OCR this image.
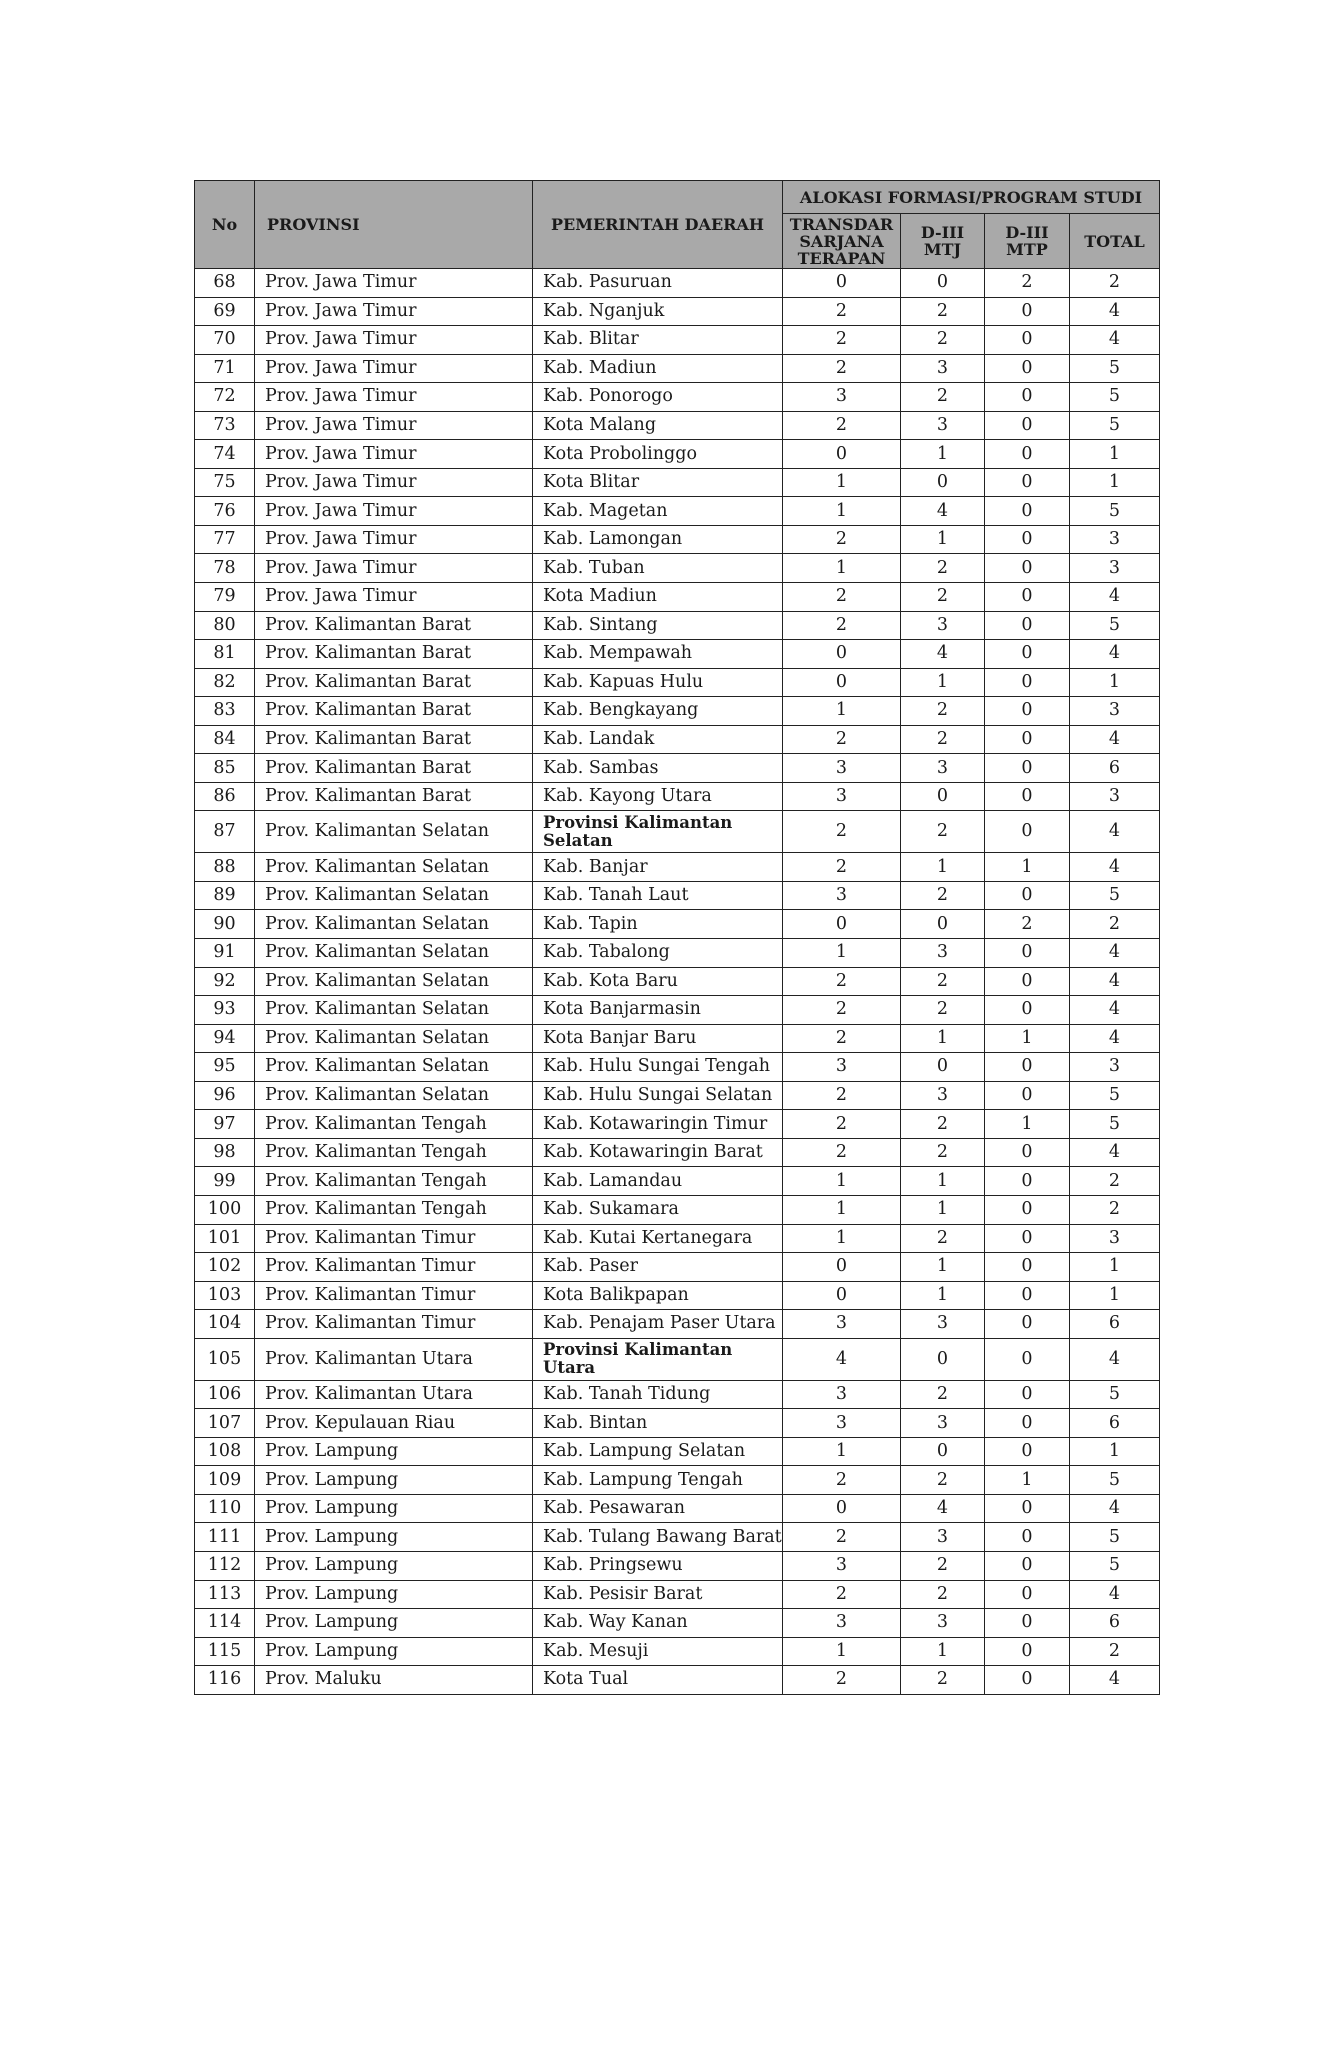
No	PROVINSI	PEMERINTAH DAERAH	ALOKASI FORMASI/PROGRAM STUDI			
			TRANSDAR SARJANA TERAPAN	D-III MTJ	D-III MTP	TOTAL
68	Prov. Jawa Timur	Kab. Pasuruan	0	0	2	2
69	Prov. Jawa Timur	Kab. Nganjuk	2	2	0	4
70	Prov. Jawa Timur	Kab. Blitar	2	2	0	4
71	Prov. Jawa Timur	Kab. Madiun	2	3	0	5
72	Prov. Jawa Timur	Kab. Ponorogo	3	2	0	5
73	Prov. Jawa Timur	Kota Malang	2	3	0	5
74	Prov. Jawa Timur	Kota Probolinggo	0	1	0	1
75	Prov. Jawa Timur	Kota Blitar	1	0	0	1
76	Prov. Jawa Timur	Kab. Magetan	1	4	0	5
77	Prov. Jawa Timur	Kab. Lamongan	2	1	0	3
78	Prov. Jawa Timur	Kab. Tuban	1	2	0	3
79	Prov. Jawa Timur	Kota Madiun	2	2	0	4
80	Prov. Kalimantan Barat	Kab. Sintang	2	3	0	5
81	Prov. Kalimantan Barat	Kab. Mempawah	0	4	0	4
82	Prov. Kalimantan Barat	Kab. Kapuas Hulu	0	1	0	1
83	Prov. Kalimantan Barat	Kab. Bengkayang	1	2	0	3
84	Prov. Kalimantan Barat	Kab. Landak	2	2	0	4
85	Prov. Kalimantan Barat	Kab. Sambas	3	3	0	6
86	Prov. Kalimantan Barat	Kab. Kayong Utara	3	0	0	3
87	Prov. Kalimantan Selatan	Provinsi Kalimantan Selatan	2	2	0	4
88	Prov. Kalimantan Selatan	Kab. Banjar	2	1	1	4
89	Prov. Kalimantan Selatan	Kab. Tanah Laut	3	2	0	5
90	Prov. Kalimantan Selatan	Kab. Tapin	0	0	2	2
91	Prov. Kalimantan Selatan	Kab. Tabalong	1	3	0	4
92	Prov. Kalimantan Selatan	Kab. Kota Baru	2	2	0	4
93	Prov. Kalimantan Selatan	Kota Banjarmasin	2	2	0	4
94	Prov. Kalimantan Selatan	Kota Banjar Baru	2	1	1	4
95	Prov. Kalimantan Selatan	Kab. Hulu Sungai Tengah	3	0	0	3
96	Prov. Kalimantan Selatan	Kab. Hulu Sungai Selatan	2	3	0	5
97	Prov. Kalimantan Tengah	Kab. Kotawaringin Timur	2	2	1	5
98	Prov. Kalimantan Tengah	Kab. Kotawaringin Barat	2	2	0	4
99	Prov. Kalimantan Tengah	Kab. Lamandau	1	1	0	2
100	Prov. Kalimantan Tengah	Kab. Sukamara	1	1	0	2
101	Prov. Kalimantan Timur	Kab. Kutai Kertanegara	1	2	0	3
102	Prov. Kalimantan Timur	Kab. Paser	0	1	0	1
103	Prov. Kalimantan Timur	Kota Balikpapan	0	1	0	1
104	Prov. Kalimantan Timur	Kab. Penajam Paser Utara	3	3	0	6
105	Prov. Kalimantan Utara	Provinsi Kalimantan Utara	4	0	0	4
106	Prov. Kalimantan Utara	Kab. Tanah Tidung	3	2	0	5
107	Prov. Kepulauan Riau	Kab. Bintan	3	3	0	6
108	Prov. Lampung	Kab. Lampung Selatan	1	0	0	1
109	Prov. Lampung	Kab. Lampung Tengah	2	2	1	5
110	Prov. Lampung	Kab. Pesawaran	0	4	0	4
111	Prov. Lampung	Kab. Tulang Bawang Barat	2	3	0	5
112	Prov. Lampung	Kab. Pringsewu	3	2	0	5
113	Prov. Lampung	Kab. Pesisir Barat	2	2	0	4
114	Prov. Lampung	Kab. Way Kanan	3	3	0	6
115	Prov. Lampung	Kab. Mesuji	1	1	0	2
116	Prov. Maluku	Kota Tual	2	2	0	4
